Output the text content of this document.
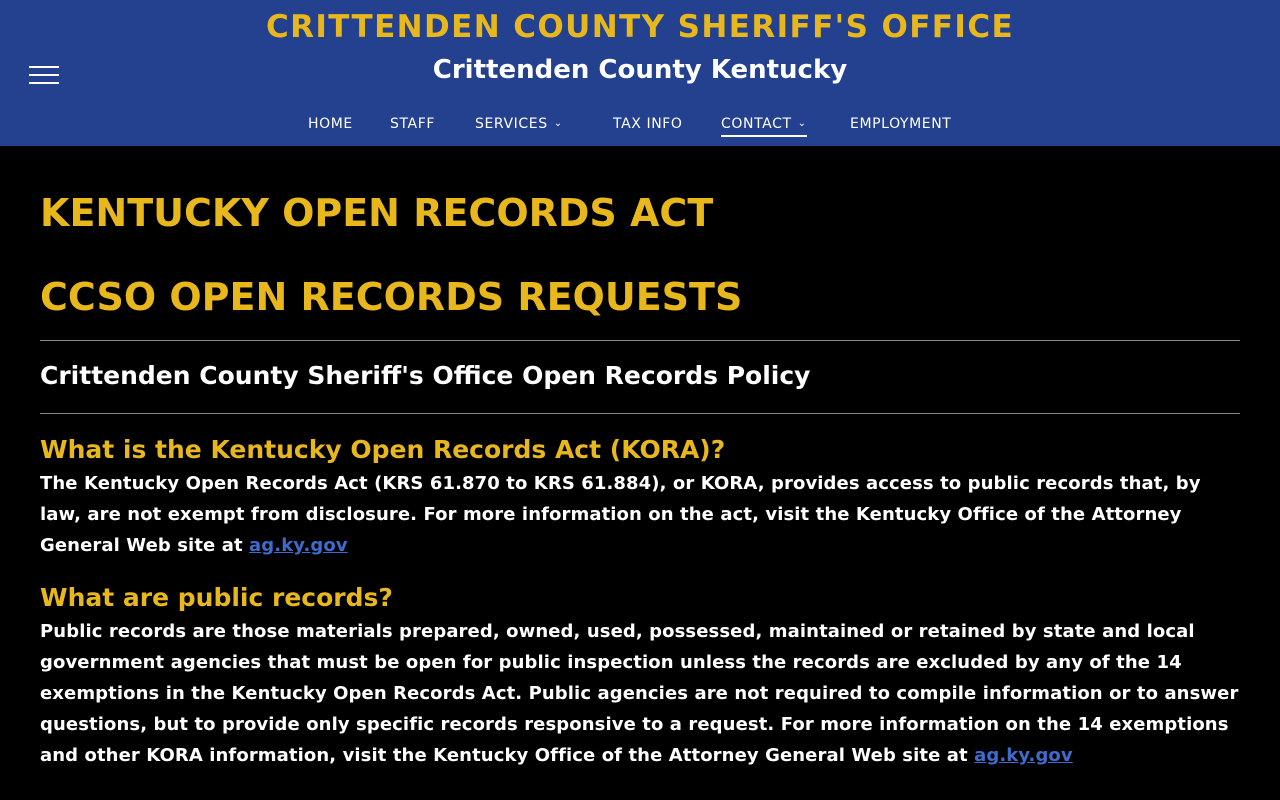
CRITTENDEN COUNTY SHERIFF'S OFFICE
Crittenden County Kentucky
HOME	STAFF	SERVICES ⌄	TAX INFO	CONTACT ⌄	EMPLOYMENT
KENTUCKY OPEN RECORDS ACT
CCSO OPEN RECORDS REQUESTS
Crittenden County Sheriff's Office Open Records Policy
What is the Kentucky Open Records Act (KORA)?
The Kentucky Open Records Act (KRS 61.870 to KRS 61.884), or KORA, provides access to public records that, by law, are not exempt from disclosure. For more information on the act, visit the Kentucky Office of the Attorney General Web site at ag.ky.gov
What are public records?
Public records are those materials prepared, owned, used, possessed, maintained or retained by state and local government agencies that must be open for public inspection unless the records are excluded by any of the 14 exemptions in the Kentucky Open Records Act. Public agencies are not required to compile information or to answer questions, but to provide only specific records responsive to a request. For more information on the 14 exemptions and other KORA information, visit the Kentucky Office of the Attorney General Web site at ag.ky.gov
